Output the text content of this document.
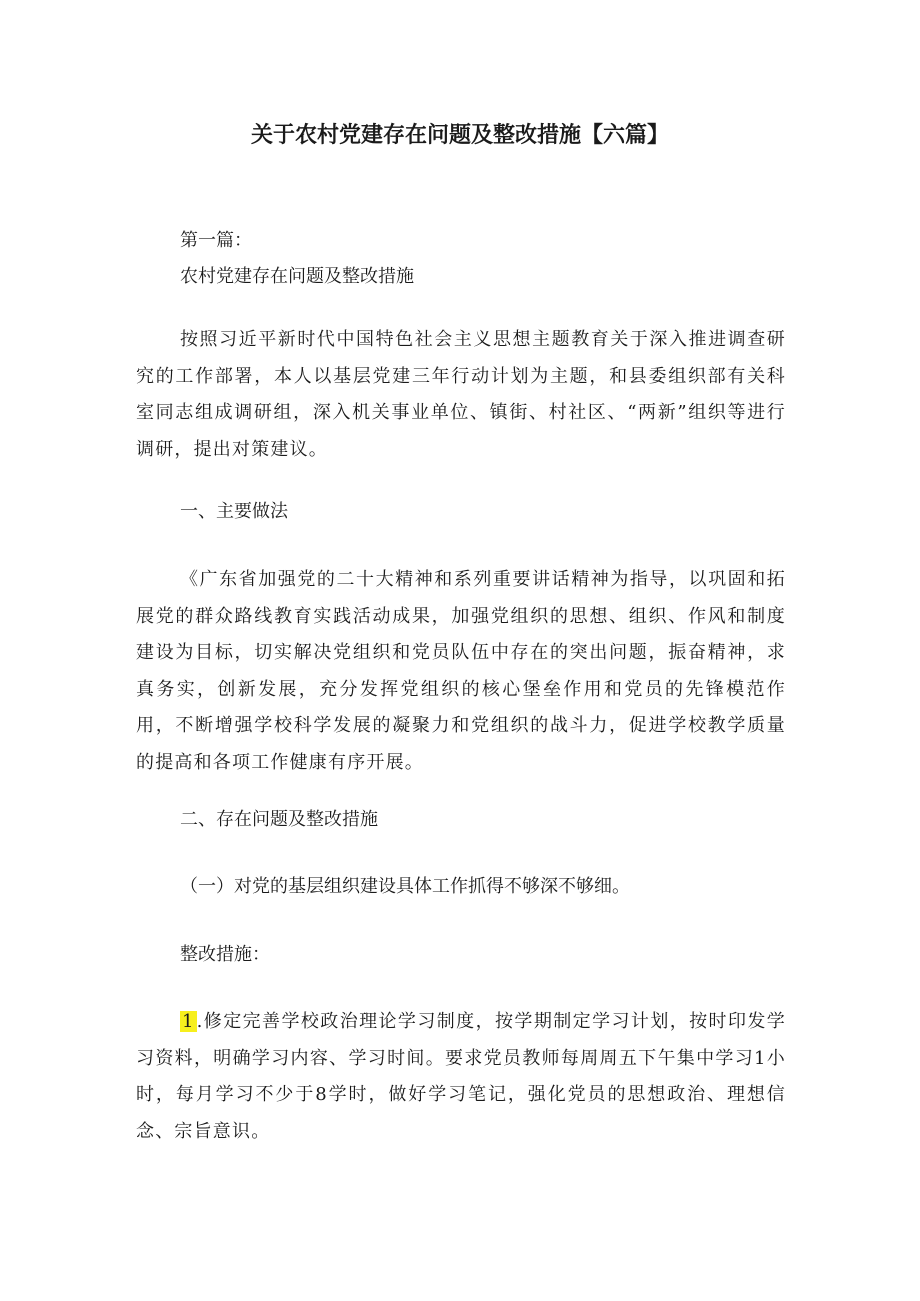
关于农村党建存在问题及整改措施【六篇】
第一篇：
农村党建存在问题及整改措施
按照习近平新时代中国特色社会主义思想主题教育关于深入推进调查研究的工作部署，本人以基层党建三年行动计划为主题，和县委组织部有关科室同志组成调研组，深入机关事业单位、镇街、村社区、“两新”组织等进行调研，提出对策建议。
一、主要做法
《广东省加强党的二十大精神和系列重要讲话精神为指导，以巩固和拓展党的群众路线教育实践活动成果，加强党组织的思想、组织、作风和制度建设为目标，切实解决党组织和党员队伍中存在的突出问题，振奋精神，求真务实，创新发展，充分发挥党组织的核心堡垒作用和党员的先锋模范作用，不断增强学校科学发展的凝聚力和党组织的战斗力，促进学校教学质量的提高和各项工作健康有序开展。
二、存在问题及整改措施
（一）对党的基层组织建设具体工作抓得不够深不够细。
整改措施：
1 .修定完善学校政治理论学习制度，按学期制定学习计划，按时印发学习资料，明确学习内容、学习时间。要求党员教师每周周五下午集中学习1小时，每月学习不少于8学时，做好学习笔记，强化党员的思想政治、理想信念、宗旨意识。
